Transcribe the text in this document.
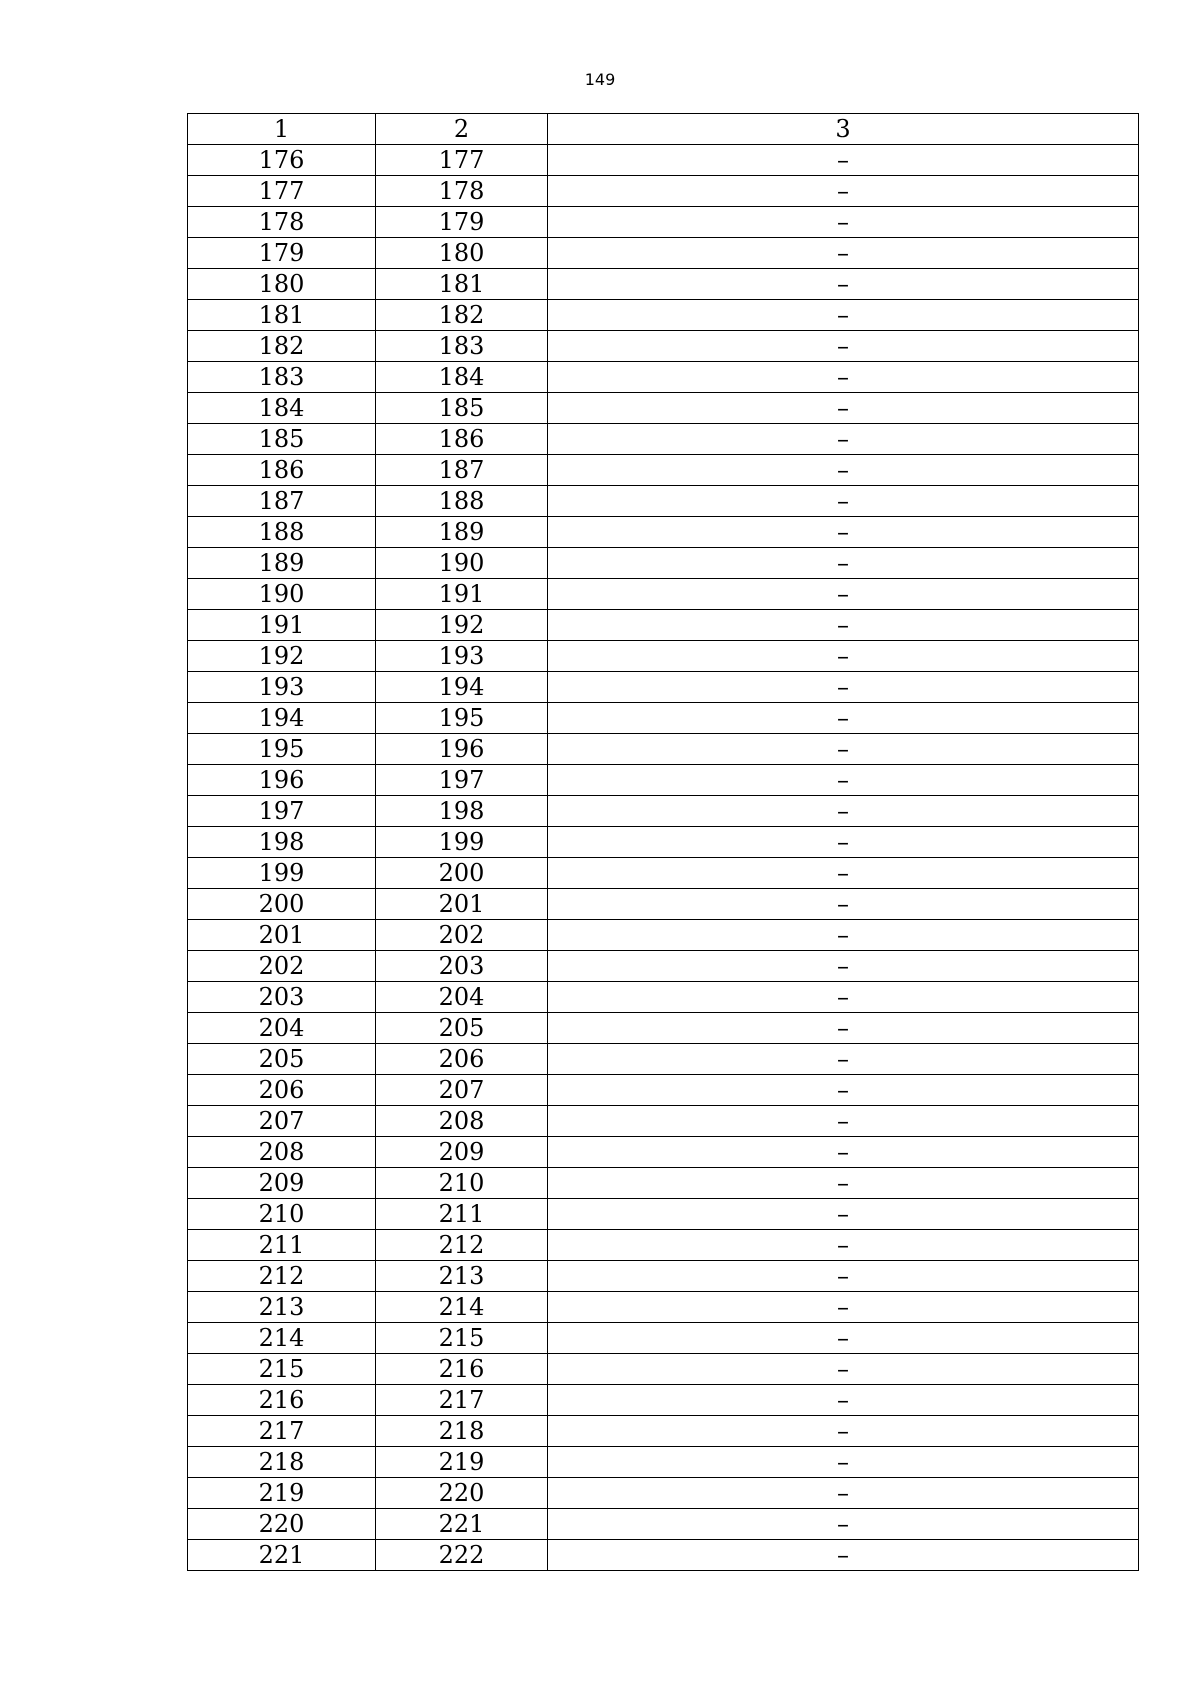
149
1	2	3
176	177	–
177	178	–
178	179	–
179	180	–
180	181	–
181	182	–
182	183	–
183	184	–
184	185	–
185	186	–
186	187	–
187	188	–
188	189	–
189	190	–
190	191	–
191	192	–
192	193	–
193	194	–
194	195	–
195	196	–
196	197	–
197	198	–
198	199	–
199	200	–
200	201	–
201	202	–
202	203	–
203	204	–
204	205	–
205	206	–
206	207	–
207	208	–
208	209	–
209	210	–
210	211	–
211	212	–
212	213	–
213	214	–
214	215	–
215	216	–
216	217	–
217	218	–
218	219	–
219	220	–
220	221	–
221	222	–
